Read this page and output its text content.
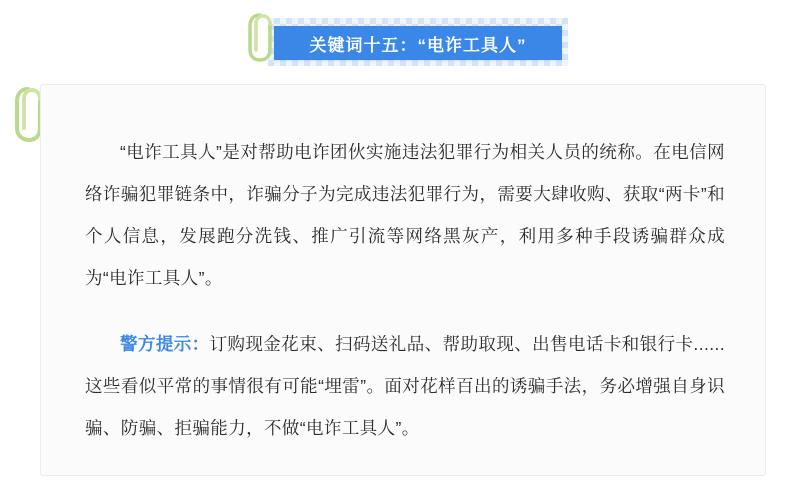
关键词十五：“电诈工具人”

“电诈工具人”是对帮助电诈团伙实施违法犯罪行为相关人员的统称。在电信网络诈骗犯罪链条中，诈骗分子为完成违法犯罪行为，需要大肆收购、获取“两卡”和个人信息，发展跑分洗钱、推广引流等网络黑灰产，利用多种手段诱骗群众成为“电诈工具人”。

警方提示：订购现金花束、扫码送礼品、帮助取现、出售电话卡和银行卡......这些看似平常的事情很有可能“埋雷”。面对花样百出的诱骗手法，务必增强自身识骗、防骗、拒骗能力，不做“电诈工具人”。
